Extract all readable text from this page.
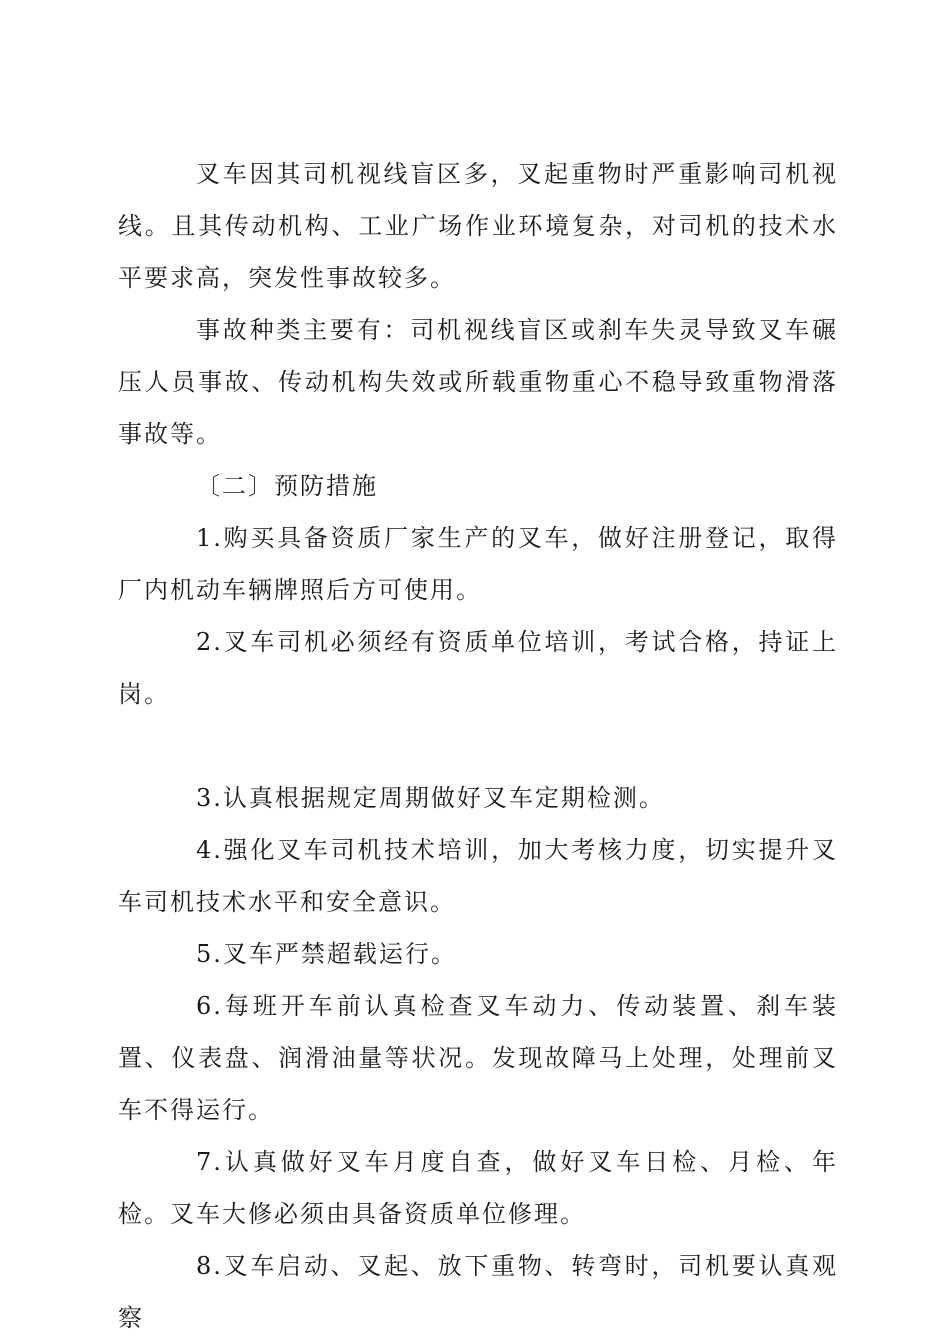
叉车因其司机视线盲区多，叉起重物时严重影响司机视线。且其传动机构、工业广场作业环境复杂，对司机的技术水平要求高，突发性事故较多。

事故种类主要有：司机视线盲区或刹车失灵导致叉车碾压人员事故、传动机构失效或所载重物重心不稳导致重物滑落事故等。

〔二〕预防措施

1.购买具备资质厂家生产的叉车，做好注册登记，取得厂内机动车辆牌照后方可使用。

2.叉车司机必须经有资质单位培训，考试合格，持证上岗。

3.认真根据规定周期做好叉车定期检测。

4.强化叉车司机技术培训，加大考核力度，切实提升叉车司机技术水平和安全意识。

5.叉车严禁超载运行。

6.每班开车前认真检查叉车动力、传动装置、刹车装置、仪表盘、润滑油量等状况。发现故障马上处理，处理前叉车不得运行。

7.认真做好叉车月度自查，做好叉车日检、月检、年检。叉车大修必须由具备资质单位修理。

8.叉车启动、叉起、放下重物、转弯时，司机要认真观察
